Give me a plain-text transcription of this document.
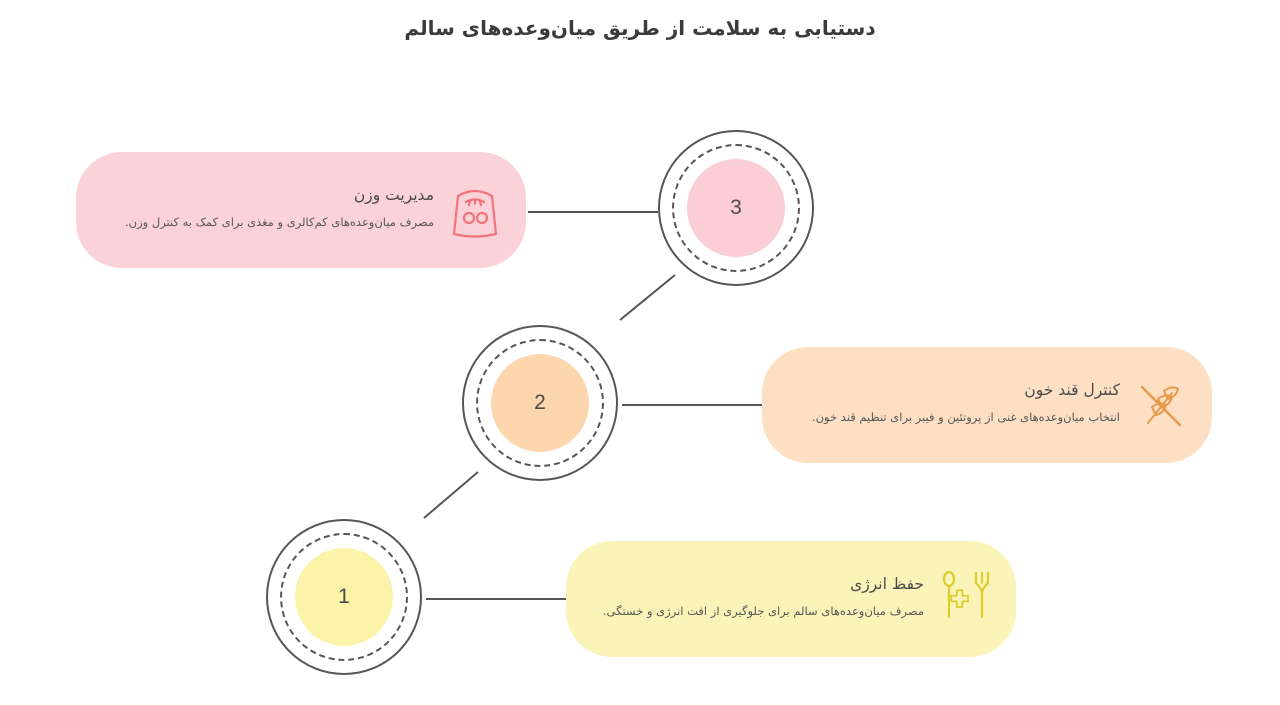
دستیابی به سلامت از طریق میان‌وعده‌های سالم
1
2
3
حفظ انرژی
مصرف میان‌وعده‌های سالم برای جلوگیری از افت انرژی و خستگی.
کنترل قند خون
انتخاب میان‌وعده‌های غنی از پروتئین و فیبر برای تنظیم قند خون.
مدیریت وزن
مصرف میان‌وعده‌های کم‌کالری و مغذی برای کمک به کنترل وزن.
